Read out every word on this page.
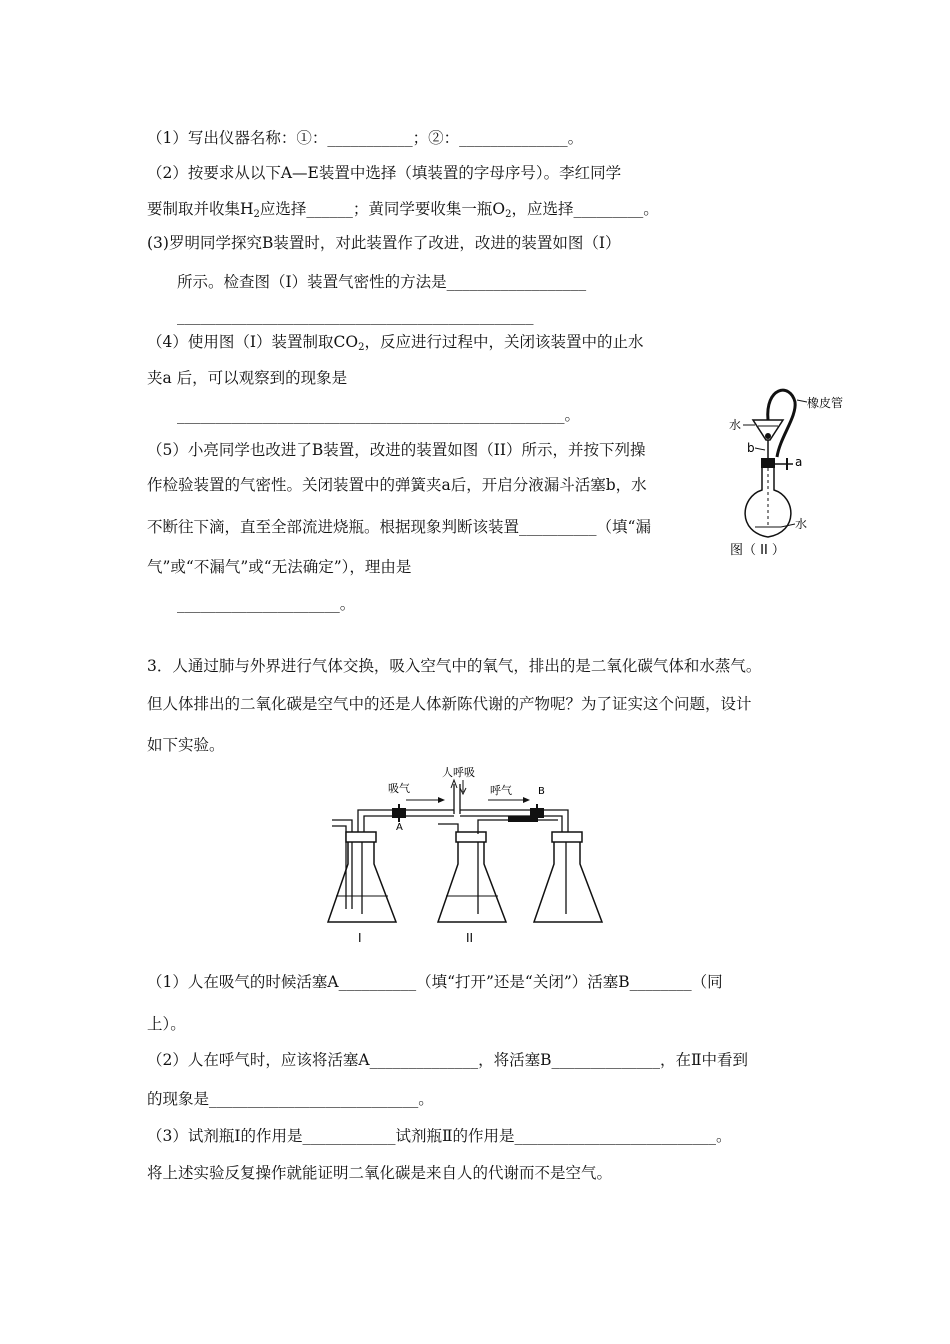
（1）写出仪器名称：①：___________；②：______________。
（2）按要求从以下A—E装置中选择（填装置的字母序号）。李红同学
要制取并收集$H_2$应选择______；黄同学要收集一瓶$O_2$，应选择_________。
(3)罗明同学探究B装置时，对此装置作了改进，改进的装置如图（I）
所示。检查图（I）装置气密性的方法是__________________
______________________________________________
（4）使用图（I）装置制取$CO_2$，反应进行过程中，关闭该装置中的止水
夹a 后，可以观察到的现象是
__________________________________________________。
（5）小亮同学也改进了B装置，改进的装置如图（II）所示，并按下列操
作检验装置的气密性。关闭装置中的弹簧夹a后，开启分液漏斗活塞b，水
不断往下滴，直至全部流进烧瓶。根据现象判断该装置__________（填“漏
气”或“不漏气”或“无法确定”），理由是
_____________________。
橡皮管
水
b
a
水
图（ II ）
3．人通过肺与外界进行气体交换，吸入空气中的氧气，排出的是二氧化碳气体和水蒸气。
但人体排出的二氧化碳是空气中的还是人体新陈代谢的产物呢？为了证实这个问题，设计
如下实验。
人呼吸
吸气	呼气	B
A
I	II
（1）人在吸气的时候活塞A__________（填“打开”还是“关闭”）活塞B________（同
上）。
（2）人在呼气时，应该将活塞A______________，将活塞B______________，在Ⅱ中看到
的现象是___________________________。
（3）试剂瓶Ⅰ的作用是____________试剂瓶Ⅱ的作用是__________________________。
将上述实验反复操作就能证明二氧化碳是来自人的代谢而不是空气。
